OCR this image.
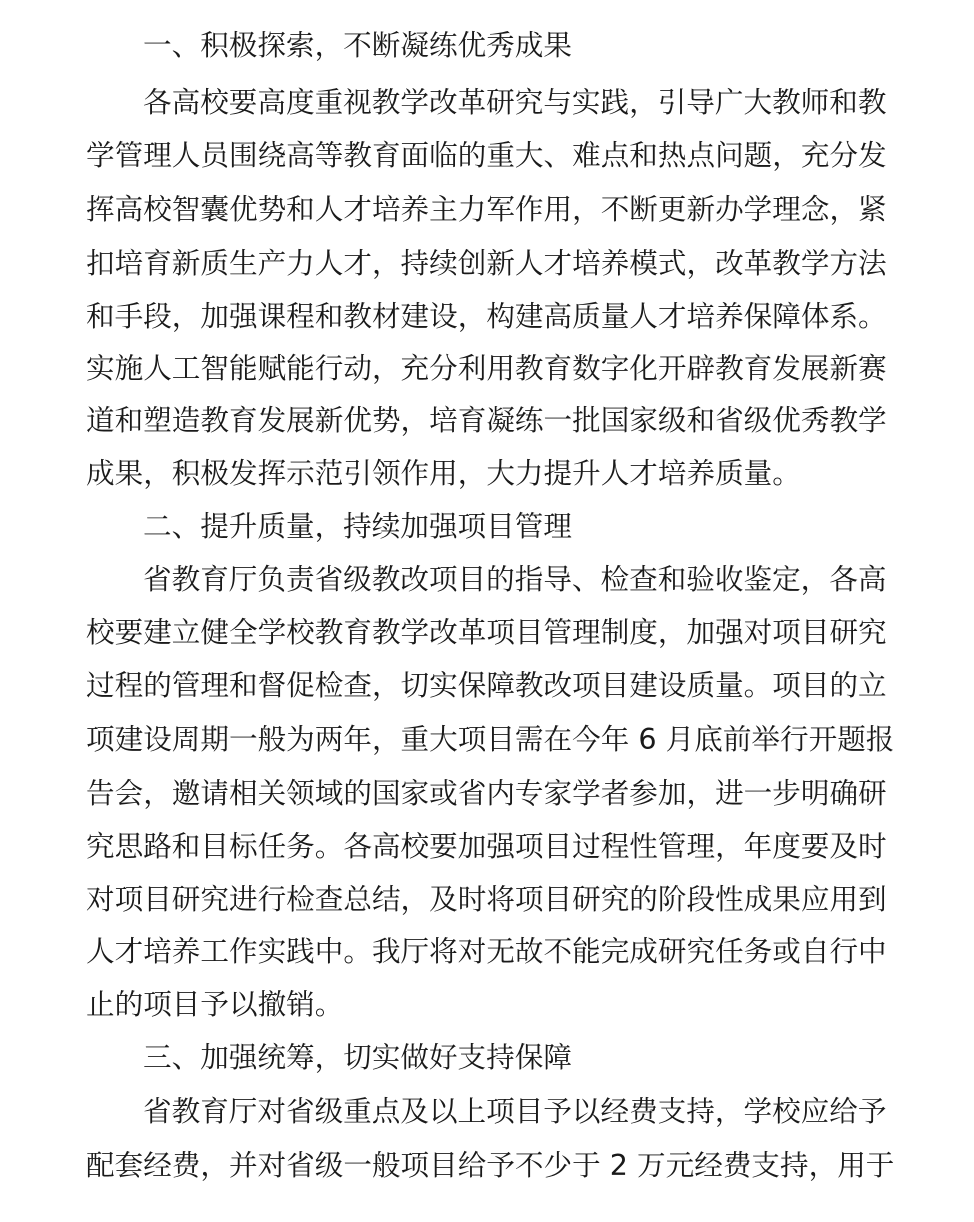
一、积极探索，不断凝练优秀成果
各高校要高度重视教学改革研究与实践，引导广大教师和教
学管理人员围绕高等教育面临的重大、难点和热点问题，充分发
挥高校智囊优势和人才培养主力军作用，不断更新办学理念，紧
扣培育新质生产力人才，持续创新人才培养模式，改革教学方法
和手段，加强课程和教材建设，构建高质量人才培养保障体系。
实施人工智能赋能行动，充分利用教育数字化开辟教育发展新赛
道和塑造教育发展新优势，培育凝练一批国家级和省级优秀教学
成果，积极发挥示范引领作用，大力提升人才培养质量。
二、提升质量，持续加强项目管理
省教育厅负责省级教改项目的指导、检查和验收鉴定，各高
校要建立健全学校教育教学改革项目管理制度，加强对项目研究
过程的管理和督促检查，切实保障教改项目建设质量。项目的立
项建设周期一般为两年，重大项目需在今年 6 月底前举行开题报
告会，邀请相关领域的国家或省内专家学者参加，进一步明确研
究思路和目标任务。各高校要加强项目过程性管理，年度要及时
对项目研究进行检查总结，及时将项目研究的阶段性成果应用到
人才培养工作实践中。我厅将对无故不能完成研究任务或自行中
止的项目予以撤销。
三、加强统筹，切实做好支持保障
省教育厅对省级重点及以上项目予以经费支持，学校应给予
配套经费，并对省级一般项目给予不少于 2 万元经费支持，用于
